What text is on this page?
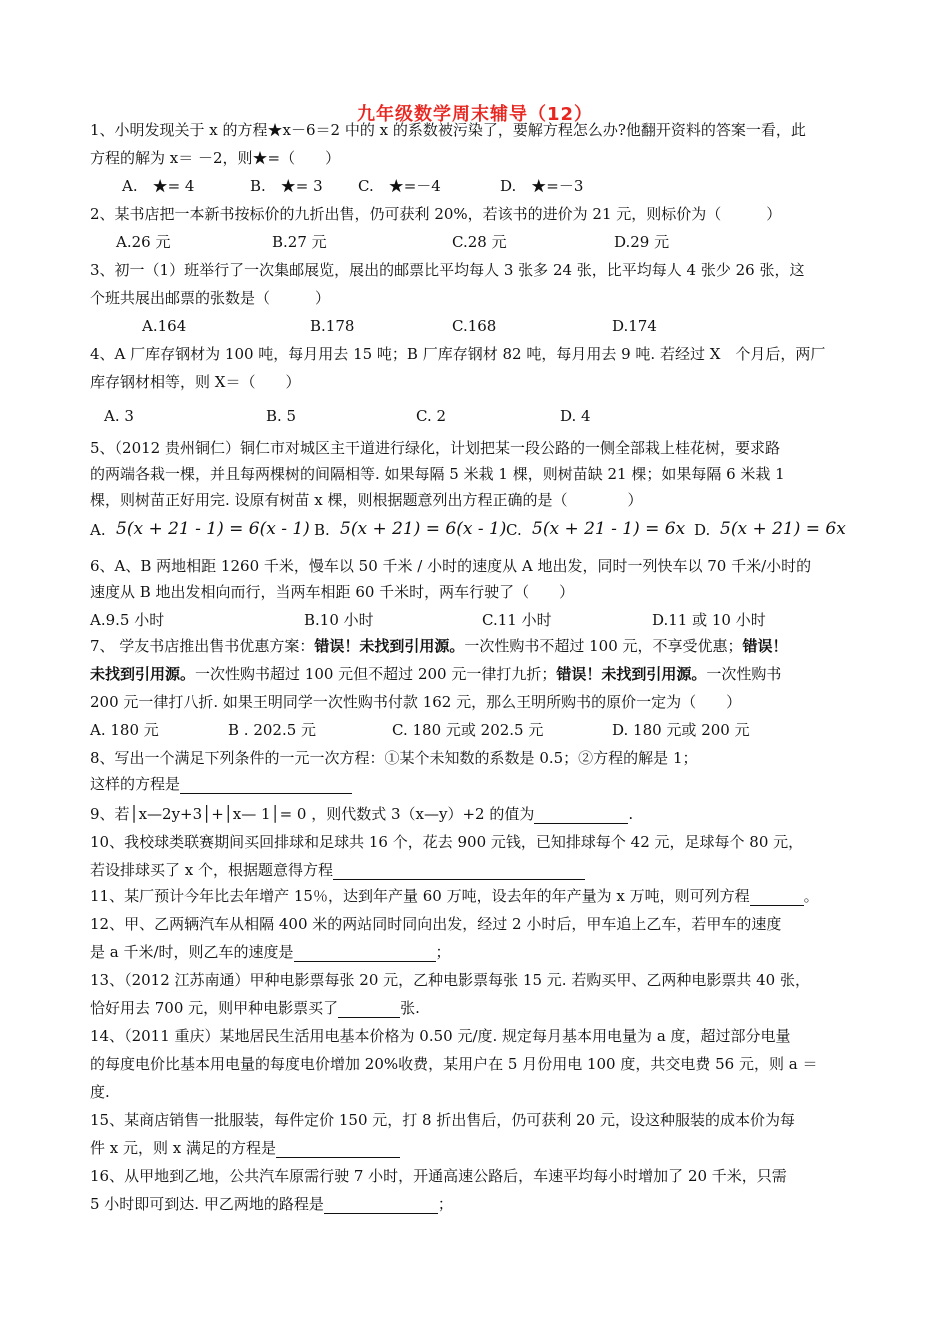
九年级数学周末辅导（12）
1、小明发现关于 x 的方程★x－6＝2 中的 x 的系数被污染了，要解方程怎么办?他翻开资料的答案一看，此
方程的解为 x＝ －2，则★=（　　）
A.　★= 4	B.　★= 3 C.　★=－4	D.　★=－3
2、某书店把一本新书按标价的九折出售，仍可获利 20%，若该书的进价为 21 元，则标价为（　　　）
A.26 元	B.27 元	C.28 元	D.29 元
3、初一（1）班举行了一次集邮展览，展出的邮票比平均每人 3 张多 24 张，比平均每人 4 张少 26 张，这
个班共展出邮票的张数是（　　　）
A.164	B.178	C.168	D.174
4、A 厂库存钢材为 100 吨，每月用去 15 吨；B 厂库存钢材 82 吨，每月用去 9 吨. 若经过 X　个月后，两厂
库存钢材相等，则 X＝（　　）
A. 3	B. 5	C. 2	D. 4
5、（2012 贵州铜仁）铜仁市对城区主干道进行绿化，计划把某一段公路的一侧全部栽上桂花树，要求路
的两端各栽一棵，并且每两棵树的间隔相等. 如果每隔 5 米栽 1 棵，则树苗缺 21 棵；如果每隔 6 米栽 1
棵，则树苗正好用完. 设原有树苗 x 棵，则根据题意列出方程正确的是（　　　　）
A. 5(x + 21 - 1) = 6(x - 1) B. 5(x + 21) = 6(x - 1) C. 5(x + 21 - 1) = 6x D. 5(x + 21) = 6x
6、A、B 两地相距 1260 千米，慢车以 50 千米 / 小时的速度从 A 地出发，同时一列快车以 70 千米/小时的
速度从 B 地出发相向而行，当两车相距 60 千米时，两车行驶了（　　）
A.9.5 小时	B.10 小时	C.11 小时	D.11 或 10 小时
7、 学友书店推出售书优惠方案：错误！未找到引用源。一次性购书不超过 100 元，不享受优惠；错误！
未找到引用源。一次性购书超过 100 元但不超过 200 元一律打九折；错误！未找到引用源。一次性购书
200 元一律打八折. 如果王明同学一次性购书付款 162 元，那么王明所购书的原价一定为（　　）
A. 180 元	B . 202.5 元	C. 180 元或 202.5 元	D. 180 元或 200 元
8、写出一个满足下列条件的一元一次方程：①某个未知数的系数是 0.5；②方程的解是 1；
这样的方程是
9、若│x—2y+3│+│x— 1│= 0 ，则代数式 3（x—y）+2 的值为	.
10、我校球类联赛期间买回排球和足球共 16 个，花去 900 元钱，已知排球每个 42 元，足球每个 80 元，
若设排球买了 x 个，根据题意得方程
11、某厂预计今年比去年增产 15％，达到年产量 60 万吨，设去年的年产量为 x 万吨，则可列方程	。
12、甲、乙两辆汽车从相隔 400 米的两站同时同向出发，经过 2 小时后，甲车追上乙车，若甲车的速度
是 a 千米/时，则乙车的速度是	；
13、（2012 江苏南通）甲种电影票每张 20 元，乙种电影票每张 15 元. 若购买甲、乙两种电影票共 40 张，
恰好用去 700 元，则甲种电影票买了	张.
14、（2011 重庆）某地居民生活用电基本价格为 0.50 元/度. 规定每月基本用电量为 a 度，超过部分电量
的每度电价比基本用电量的每度电价增加 20%收费，某用户在 5 月份用电 100 度，共交电费 56 元，则 a ＝
度.
15、某商店销售一批服装，每件定价 150 元，打 8 折出售后，仍可获利 20 元，设这种服装的成本价为每
件 x 元，则 x 满足的方程是
16、从甲地到乙地，公共汽车原需行驶 7 小时，开通高速公路后，车速平均每小时增加了 20 千米，只需
5 小时即可到达. 甲乙两地的路程是	；
